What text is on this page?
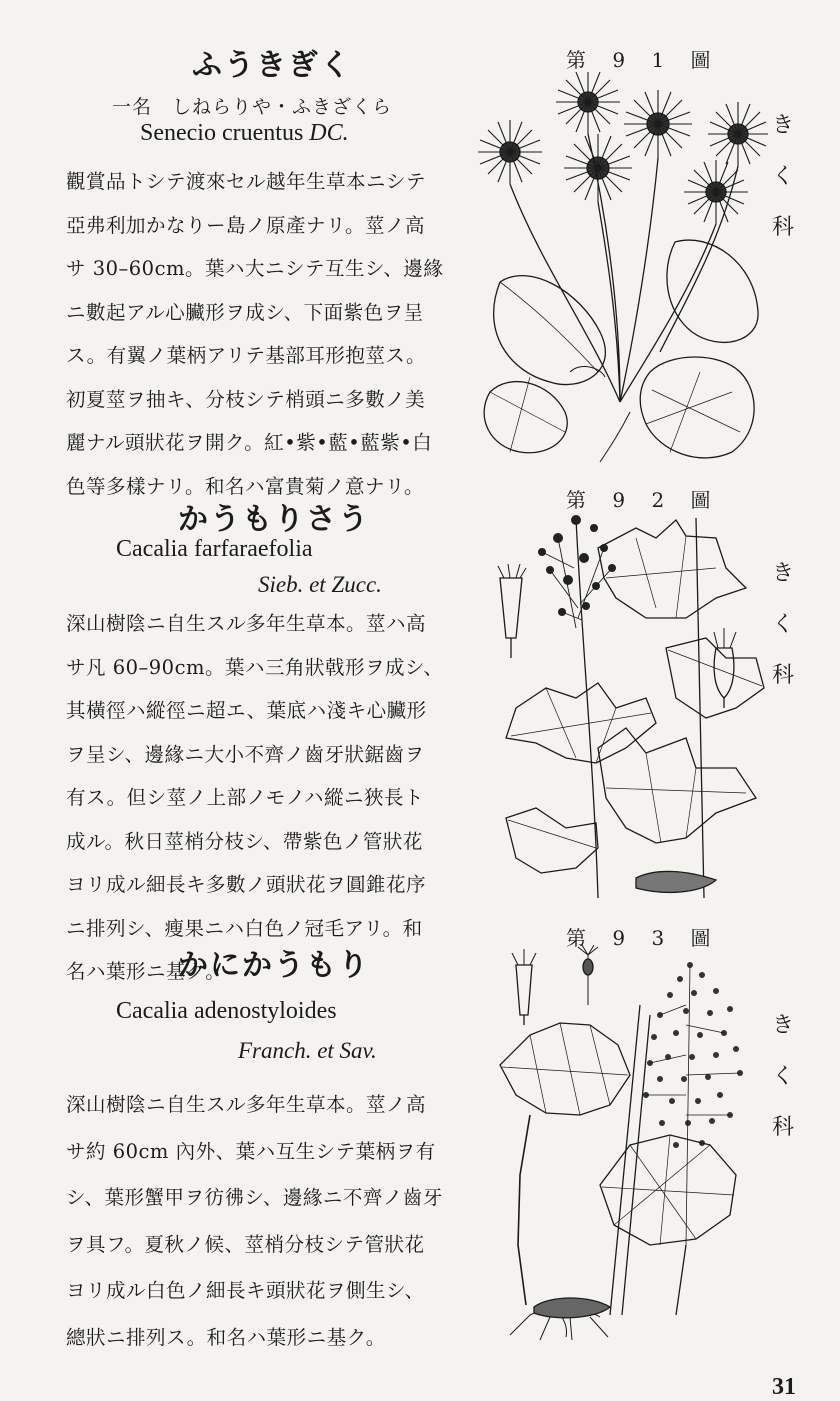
ふうきぎく
一名　しねらりや・ふきざくら
Senecio cruentus DC.
觀賞品トシテ渡來セル越年生草本ニシテ
亞弗利加かなりー島ノ原產ナリ。莖ノ高
サ 30–60cm。葉ハ大ニシテ互生シ、邊緣
ニ數起アル心臟形ヲ成シ、下面紫色ヲ呈
ス。有翼ノ葉柄アリテ基部耳形抱莖ス。
初夏莖ヲ抽キ、分枝シテ梢頭ニ多數ノ美
麗ナル頭狀花ヲ開ク。紅•紫•藍•藍紫•白
色等多樣ナリ。和名ハ富貴菊ノ意ナリ。
第 9 1 圖
き
く
科
かうもりさう
Cacalia farfaraefolia
Sieb. et Zucc.
深山樹陰ニ自生スル多年生草本。莖ハ高
サ凡 60–90cm。葉ハ三角狀戟形ヲ成シ、
其橫徑ハ縱徑ニ超エ、葉底ハ淺キ心臟形
ヲ呈シ、邊緣ニ大小不齊ノ齒牙狀鋸齒ヲ
有ス。但シ莖ノ上部ノモノハ縱ニ狹長ト
成ル。秋日莖梢分枝シ、帶紫色ノ管狀花
ヨリ成ル細長キ多數ノ頭狀花ヲ圓錐花序
ニ排列シ、瘦果ニハ白色ノ冠毛アリ。和
名ハ葉形ニ基ク。
第 9 2 圖
き
く
科
かにかうもり
Cacalia adenostyloides
Franch. et Sav.
深山樹陰ニ自生スル多年生草本。莖ノ高
サ約 60cm 內外、葉ハ互生シテ葉柄ヲ有
シ、葉形蟹甲ヲ彷彿シ、邊緣ニ不齊ノ齒牙
ヲ具フ。夏秋ノ候、莖梢分枝シテ管狀花
ヨリ成ル白色ノ細長キ頭狀花ヲ側生シ、
總狀ニ排列ス。和名ハ葉形ニ基ク。
第 9 3 圖
き
く
科
31
